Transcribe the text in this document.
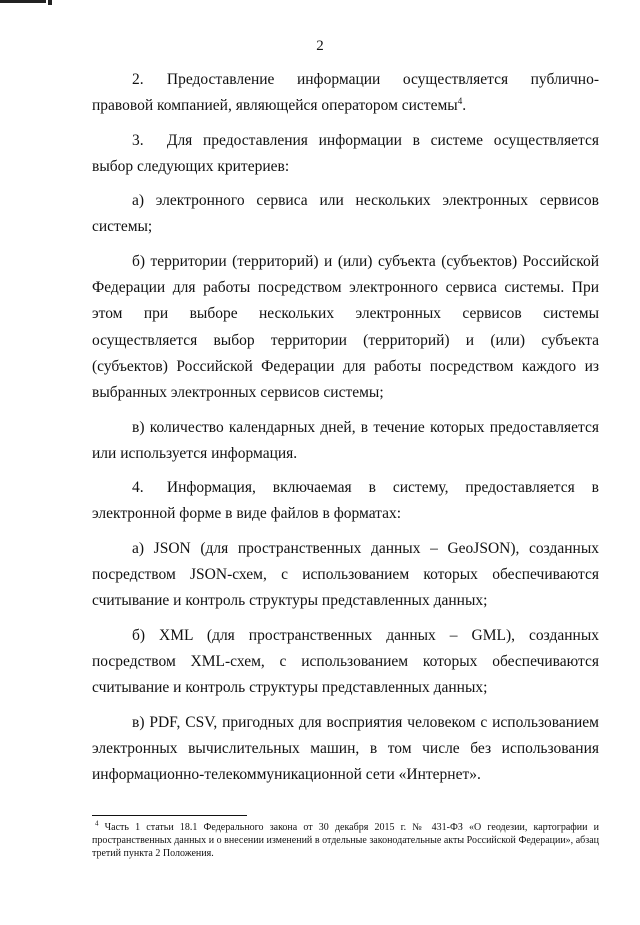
2

2.  Предоставление информации осуществляется публично-правовой компанией, являющейся оператором системы$^4$.

3.  Для предоставления информации в системе осуществляется выбор следующих критериев:

а) электронного сервиса или нескольких электронных сервисов системы;

б) территории (территорий) и (или) субъекта (субъектов) Российской Федерации для работы посредством электронного сервиса системы. При этом при выборе нескольких электронных сервисов системы осуществляется выбор территории (территорий) и (или) субъекта (субъектов) Российской Федерации для работы посредством каждого из выбранных электронных сервисов системы;

в) количество календарных дней, в течение которых предоставляется или используется информация.

4.  Информация, включаемая в систему, предоставляется в электронной форме в виде файлов в форматах:

а) JSON (для пространственных данных – GeoJSON), созданных посредством JSON-схем, с использованием которых обеспечиваются считывание и контроль структуры представленных данных;

б) XML (для пространственных данных – GML), созданных посредством XML-схем, с использованием которых обеспечиваются считывание и контроль структуры представленных данных;

в) PDF, CSV, пригодных для восприятия человеком с использованием электронных вычислительных машин, в том числе без использования информационно-телекоммуникационной сети «Интернет».

$^4$ Часть 1 статьи 18.1 Федерального закона от 30 декабря 2015 г. № 431-ФЗ «О геодезии, картографии и пространственных данных и о внесении изменений в отдельные законодательные акты Российской Федерации», абзац третий пункта 2 Положения.
